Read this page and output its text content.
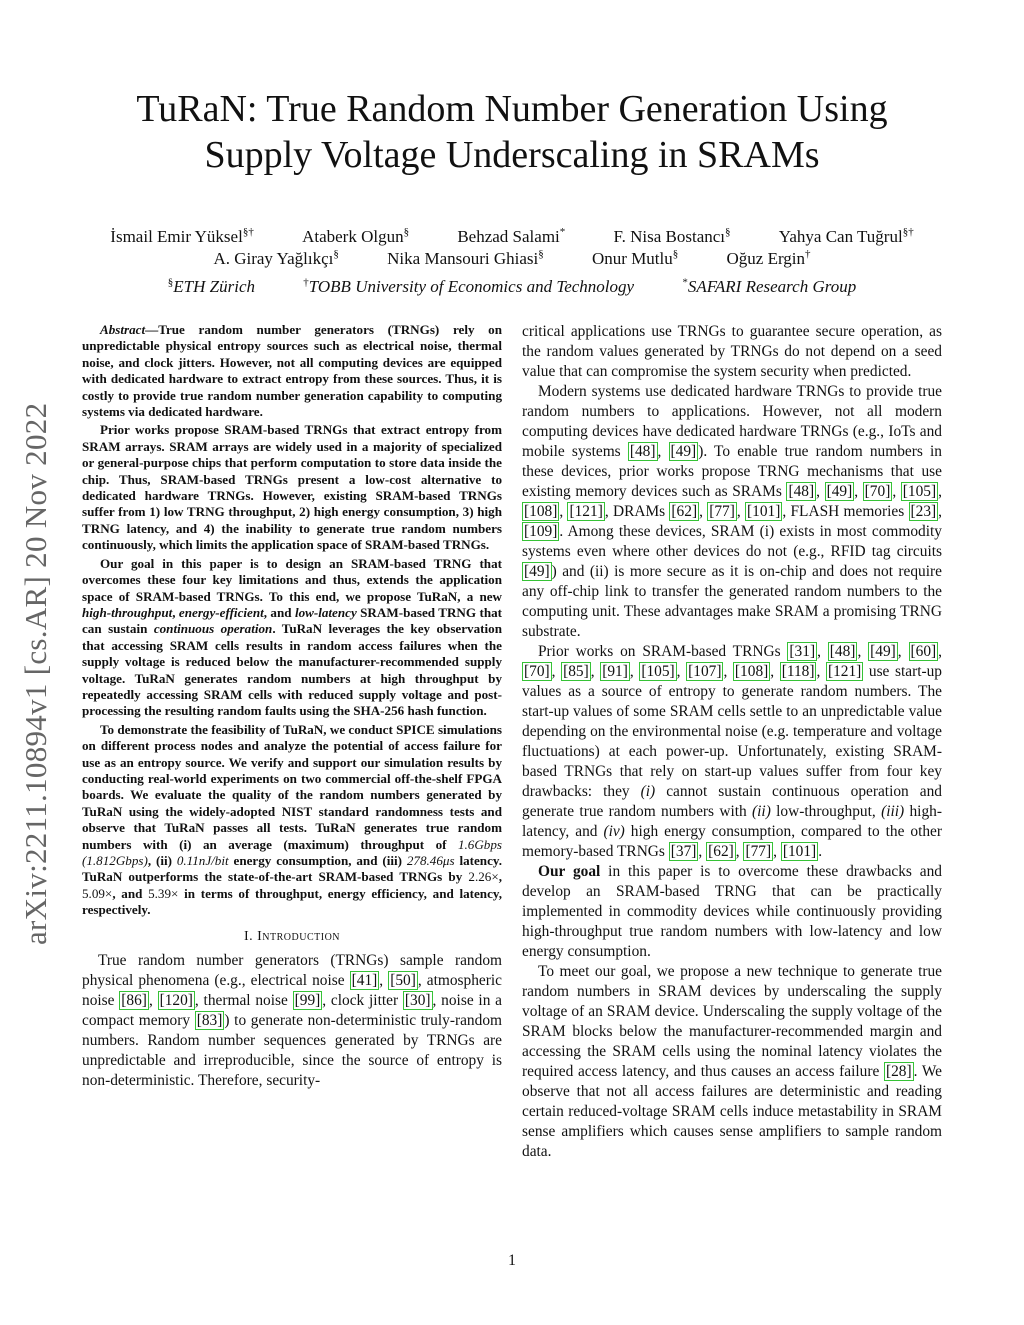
TuRaN: True Random Number Generation Using
Supply Voltage Underscaling in SRAMs
İsmail Emir Yüksel§†	Ataberk Olgun§	Behzad Salami*	F. Nisa Bostancı§	Yahya Can Tuğrul§†
A. Giray Yağlıkçı§	Nika Mansouri Ghiasi§	Onur Mutlu§	Oğuz Ergin†
§ETH Zürich	†TOBB University of Economics and Technology	*SAFARI Research Group
arXiv:2211.10894v1 [cs.AR] 20 Nov 2022

Abstract—True random number generators (TRNGs) rely on unpredictable physical entropy sources such as electrical noise, thermal noise, and clock jitters. However, not all computing devices are equipped with dedicated hardware to extract entropy from these sources. Thus, it is costly to provide true random number generation capability to computing systems via dedicated hardware.

Prior works propose SRAM-based TRNGs that extract entropy from SRAM arrays. SRAM arrays are widely used in a majority of specialized or general-purpose chips that perform computation to store data inside the chip. Thus, SRAM-based TRNGs present a low-cost alternative to dedicated hardware TRNGs. However, existing SRAM-based TRNGs suffer from 1) low TRNG throughput, 2) high energy consumption, 3) high TRNG latency, and 4) the inability to generate true random numbers continuously, which limits the application space of SRAM-based TRNGs.

Our goal in this paper is to design an SRAM-based TRNG that overcomes these four key limitations and thus, extends the application space of SRAM-based TRNGs. To this end, we propose TuRaN, a new high-throughput, energy-efficient, and low-latency SRAM-based TRNG that can sustain continuous operation. TuRaN leverages the key observation that accessing SRAM cells results in random access failures when the supply voltage is reduced below the manufacturer-recommended supply voltage. TuRaN generates random numbers at high throughput by repeatedly accessing SRAM cells with reduced supply voltage and post-processing the resulting random faults using the SHA-256 hash function.

To demonstrate the feasibility of TuRaN, we conduct SPICE simulations on different process nodes and analyze the potential of access failure for use as an entropy source. We verify and support our simulation results by conducting real-world experiments on two commercial off-the-shelf FPGA boards. We evaluate the quality of the random numbers generated by TuRaN using the widely-adopted NIST standard randomness tests and observe that TuRaN passes all tests. TuRaN generates true random numbers with (i) an average (maximum) throughput of 1.6Gbps (1.812Gbps), (ii) 0.11nJ/bit energy consumption, and (iii) 278.46μs latency. TuRaN outperforms the state-of-the-art SRAM-based TRNGs by 2.26×, 5.09×, and 5.39× in terms of throughput, energy efficiency, and latency, respectively.

I. Introduction

True random number generators (TRNGs) sample random physical phenomena (e.g., electrical noise [41] , [50] , atmospheric noise [86] , [120] , thermal noise [99] , clock jitter [30] , noise in a compact memory [83] ) to generate non-deterministic truly-random numbers. Random number sequences generated by TRNGs are unpredictable and irreproducible, since the source of entropy is non-deterministic. Therefore, security-

critical applications use TRNGs to guarantee secure operation, as the random values generated by TRNGs do not depend on a seed value that can compromise the system security when predicted.

Modern systems use dedicated hardware TRNGs to provide true random numbers to applications. However, not all modern computing devices have dedicated hardware TRNGs (e.g., IoTs and mobile systems [48] , [49] ). To enable true random numbers in these devices, prior works propose TRNG mechanisms that use existing memory devices such as SRAMs [48] , [49] , [70] , [105] , [108] , [121] , DRAMs [62] , [77] , [101] , FLASH memories [23] , [109] . Among these devices, SRAM (i) exists in most commodity systems even where other devices do not (e.g., RFID tag circuits [49] ) and (ii) is more secure as it is on-chip and does not require any off-chip link to transfer the generated random numbers to the computing unit. These advantages make SRAM a promising TRNG substrate.

Prior works on SRAM-based TRNGs [31] , [48] , [49] , [60] , [70] , [85] , [91] , [105] , [107] , [108] , [118] , [121] use start-up values as a source of entropy to generate random numbers. The start-up values of some SRAM cells settle to an unpredictable value depending on the environmental noise (e.g. temperature and voltage fluctuations) at each power-up. Unfortunately, existing SRAM-based TRNGs that rely on start-up values suffer from four key drawbacks: they (i) cannot sustain continuous operation and generate true random numbers with (ii) low-throughput, (iii) high-latency, and (iv) high energy consumption, compared to the other memory-based TRNGs [37] , [62] , [77] , [101] .

Our goal in this paper is to overcome these drawbacks and develop an SRAM-based TRNG that can be practically implemented in commodity devices while continuously providing high-throughput true random numbers with low-latency and low energy consumption.

To meet our goal, we propose a new technique to generate true random numbers in SRAM devices by underscaling the supply voltage of an SRAM device. Underscaling the supply voltage of the SRAM blocks below the manufacturer-recommended margin and accessing the SRAM cells using the nominal latency violates the required access latency, and thus causes an access failure [28] . We observe that not all access failures are deterministic and reading certain reduced-voltage SRAM cells induce metastability in SRAM sense amplifiers which causes sense amplifiers to sample random data.

1
